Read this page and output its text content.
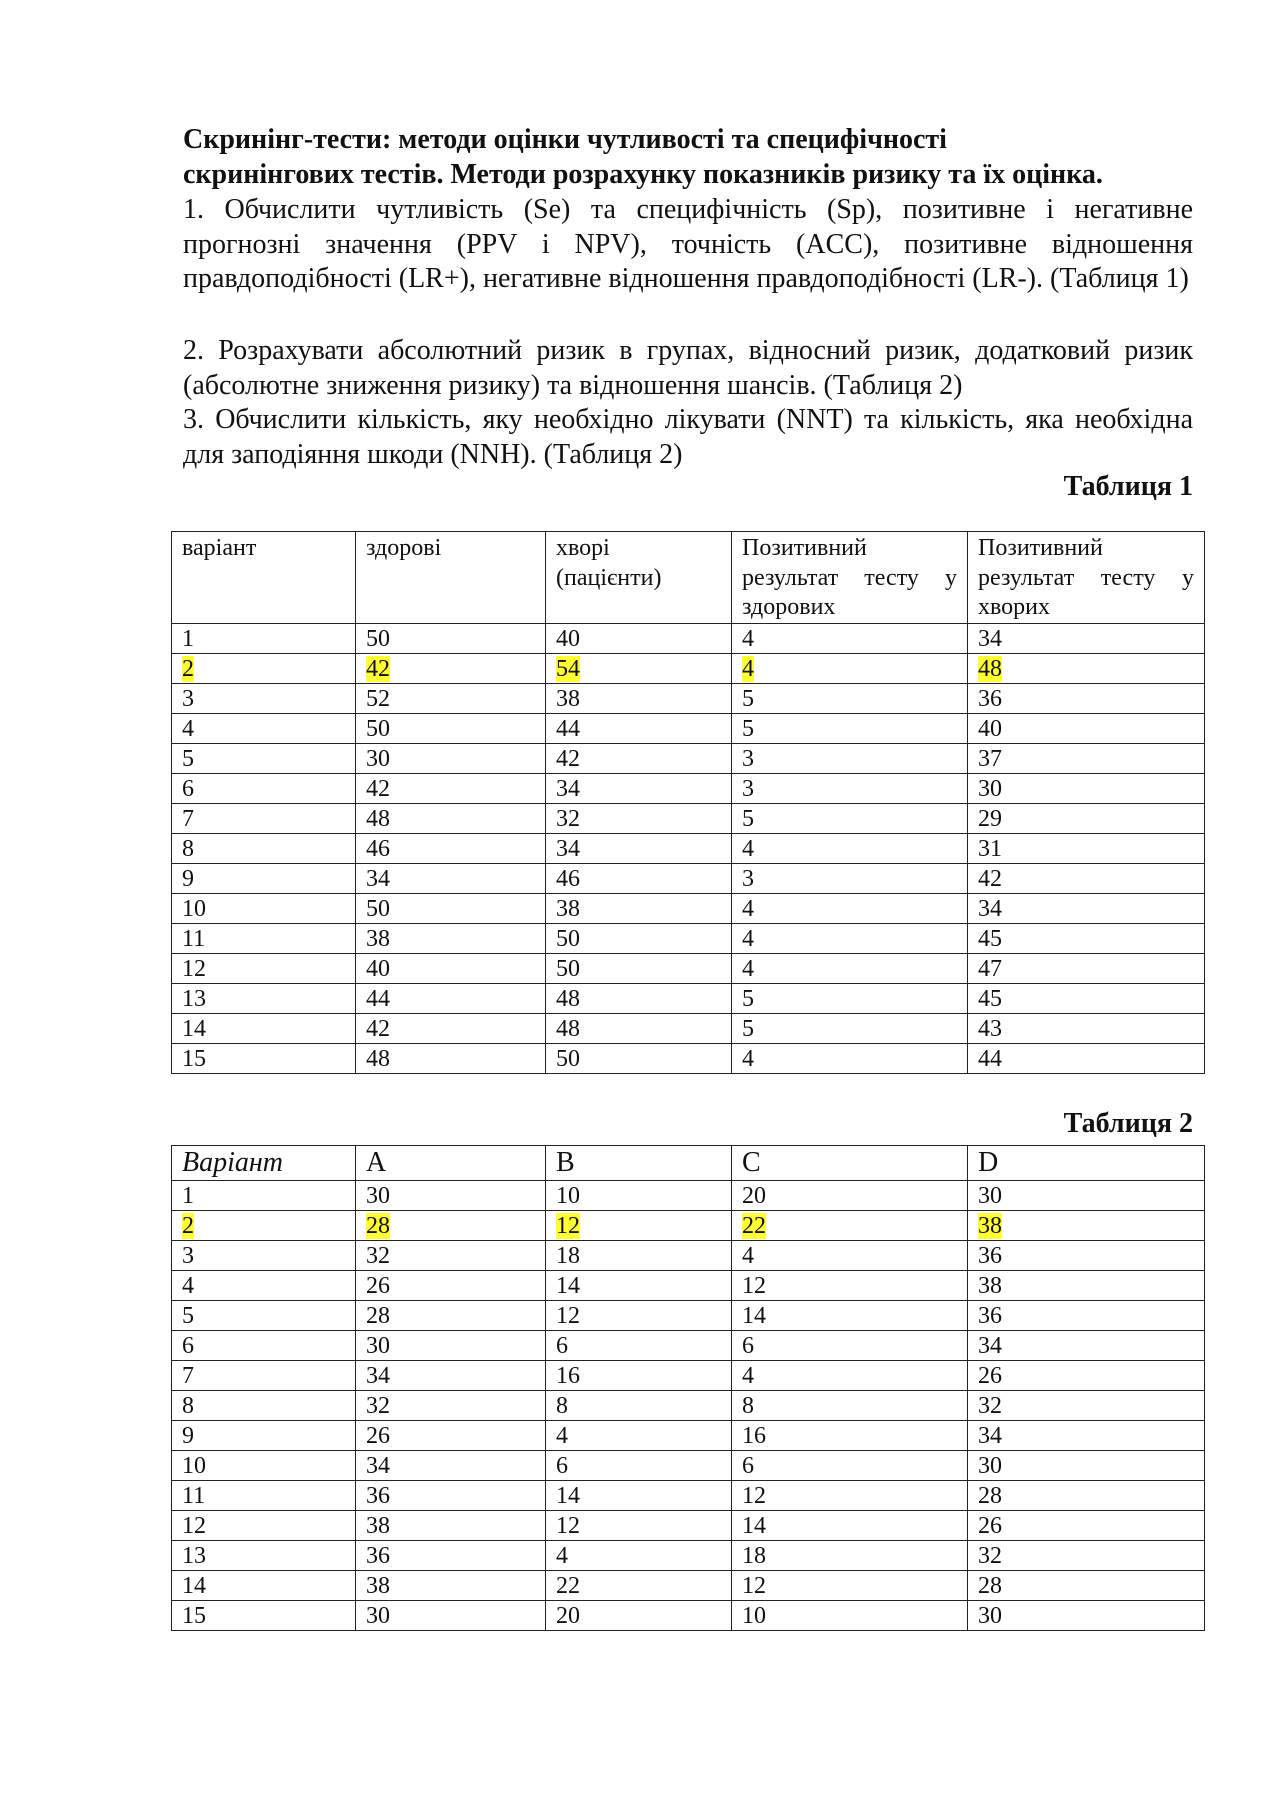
Скринінг-тести: методи оцінки чутливості та специфічності
скринінгових тестів. Методи розрахунку показників ризику та їх оцінка.

1. Обчислити чутливість (Se) та специфічність (Sp), позитивне і негативне прогнозні значення (PPV і NPV), точність (ACC), позитивне відношення правдоподібності (LR+), негативне відношення правдоподібності (LR-). (Таблиця 1)

2. Розрахувати абсолютний ризик в групах, відносний ризик, додатковий ризик (абсолютне зниження ризику) та відношення шансів. (Таблиця 2)

3. Обчислити кількість, яку необхідно лікувати (NNT) та кількість, яка необхідна для заподіяння шкоди (NNH). (Таблиця 2)

Таблиця 1

варіант	здорові	хворі (пацієнти)	Позитивний результат тесту у здорових	Позитивний результат тесту у хворих
1	50	40	4	34
2	42	54	4	48
3	52	38	5	36
4	50	44	5	40
5	30	42	3	37
6	42	34	3	30
7	48	32	5	29
8	46	34	4	31
9	34	46	3	42
10	50	38	4	34
11	38	50	4	45
12	40	50	4	47
13	44	48	5	45
14	42	48	5	43
15	48	50	4	44

Таблиця 2

Варіант	A	B	C	D
1	30	10	20	30
2	28	12	22	38
3	32	18	4	36
4	26	14	12	38
5	28	12	14	36
6	30	6	6	34
7	34	16	4	26
8	32	8	8	32
9	26	4	16	34
10	34	6	6	30
11	36	14	12	28
12	38	12	14	26
13	36	4	18	32
14	38	22	12	28
15	30	20	10	30
